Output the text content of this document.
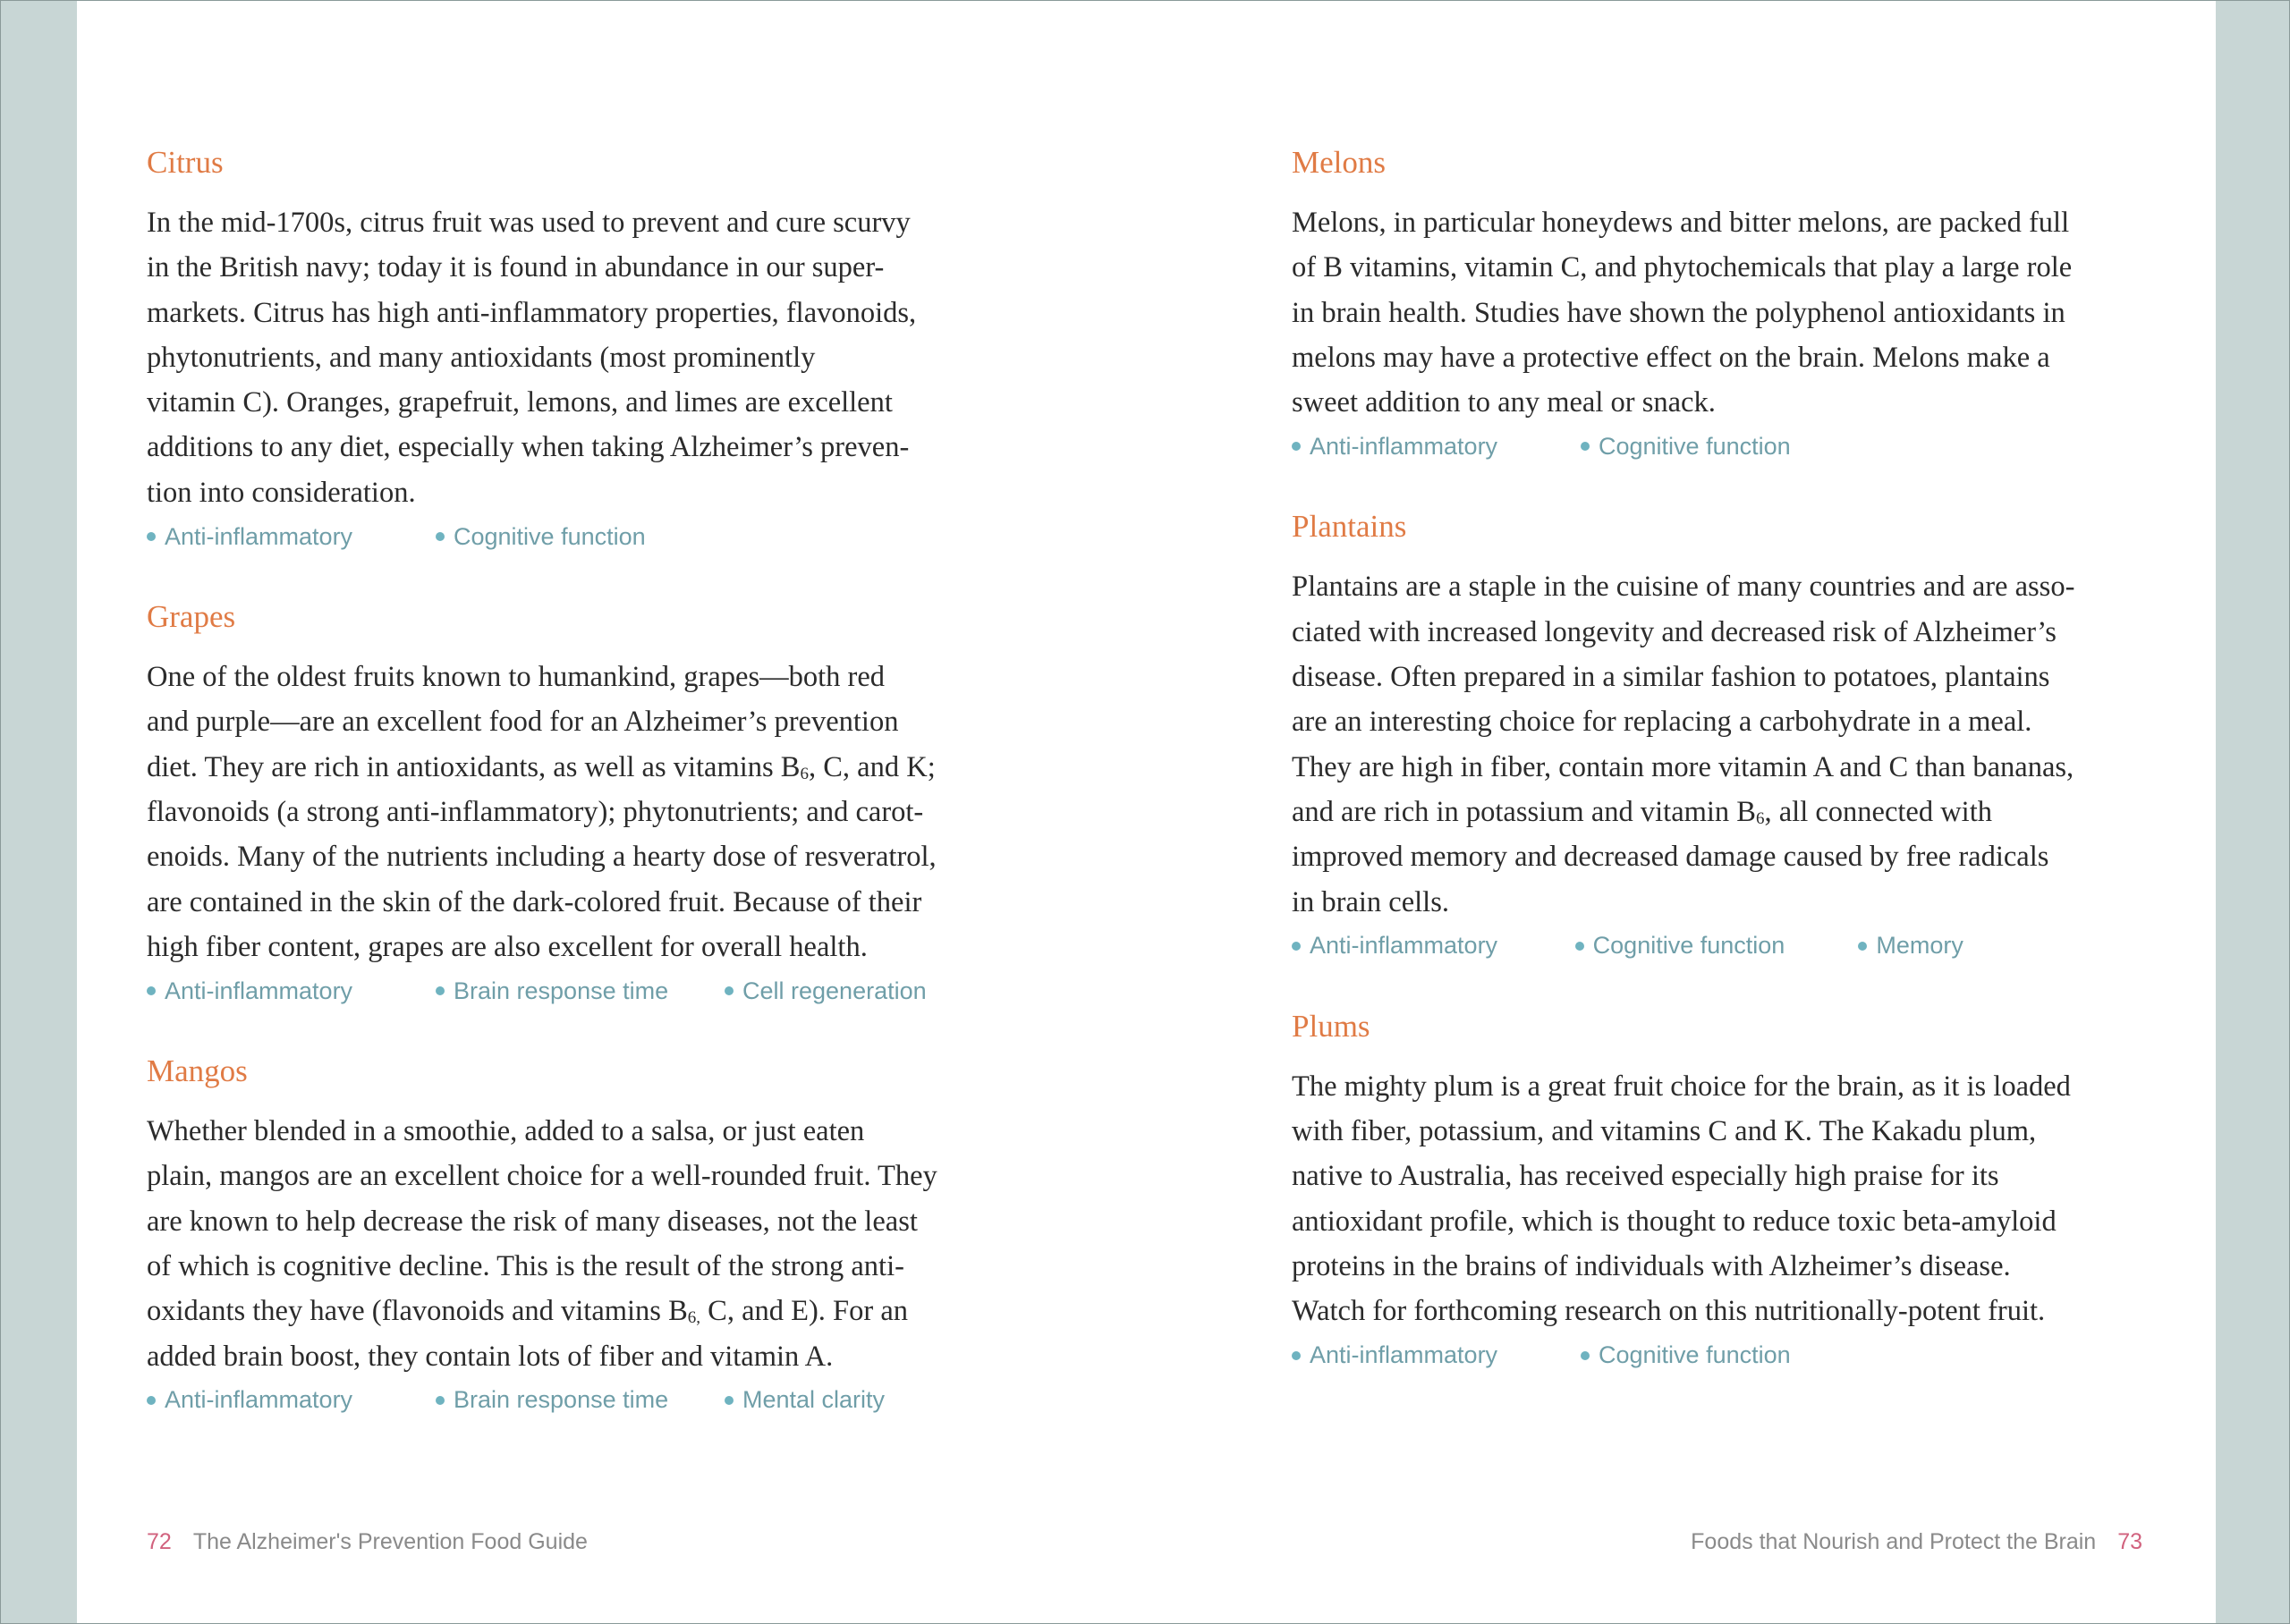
Citrus

In the mid-1700s, citrus fruit was used to prevent and cure scurvy
in the British navy; today it is found in abundance in our super-
markets. Citrus has high anti-inflammatory properties, flavonoids,
phytonutrients, and many antioxidants (most prominently
vitamin C). Oranges, grapefruit, lemons, and limes are excellent
additions to any diet, especially when taking Alzheimer’s preven-
tion into consideration.

Anti-inflammatory	Cognitive function
Grapes

One of the oldest fruits known to humankind, grapes—both red
and purple—are an excellent food for an Alzheimer’s prevention
diet. They are rich in antioxidants, as well as vitamins $B_6$, C, and K;
flavonoids (a strong anti-inflammatory); phytonutrients; and carot-
enoids. Many of the nutrients including a hearty dose of resveratrol,
are contained in the skin of the dark-colored fruit. Because of their
high fiber content, grapes are also excellent for overall health.

Anti-inflammatory	Brain response time	Cell regeneration
Mangos

Whether blended in a smoothie, added to a salsa, or just eaten
plain, mangos are an excellent choice for a well-rounded fruit. They
are known to help decrease the risk of many diseases, not the least
of which is cognitive decline. This is the result of the strong anti-
oxidants they have (flavonoids and vitamins $B_{6,}$ C, and E). For an
added brain boost, they contain lots of fiber and vitamin A.

Anti-inflammatory	Brain response time	Mental clarity
Melons

Melons, in particular honeydews and bitter melons, are packed full
of B vitamins, vitamin C, and phytochemicals that play a large role
in brain health. Studies have shown the polyphenol antioxidants in
melons may have a protective effect on the brain. Melons make a
sweet addition to any meal or snack.

Anti-inflammatory	Cognitive function
Plantains

Plantains are a staple in the cuisine of many countries and are asso-
ciated with increased longevity and decreased risk of Alzheimer’s
disease. Often prepared in a similar fashion to potatoes, plantains
are an interesting choice for replacing a carbohydrate in a meal.
They are high in fiber, contain more vitamin A and C than bananas,
and are rich in potassium and vitamin $B_6$, all connected with
improved memory and decreased damage caused by free radicals
in brain cells.

Anti-inflammatory	Cognitive function	Memory
Plums

The mighty plum is a great fruit choice for the brain, as it is loaded
with fiber, potassium, and vitamins C and K. The Kakadu plum,
native to Australia, has received especially high praise for its
antioxidant profile, which is thought to reduce toxic beta-amyloid
proteins in the brains of individuals with Alzheimer’s disease.
Watch for forthcoming research on this nutritionally-potent fruit.

Anti-inflammatory	Cognitive function
72 The Alzheimer's Prevention Food Guide	Foods that Nourish and Protect the Brain 73
